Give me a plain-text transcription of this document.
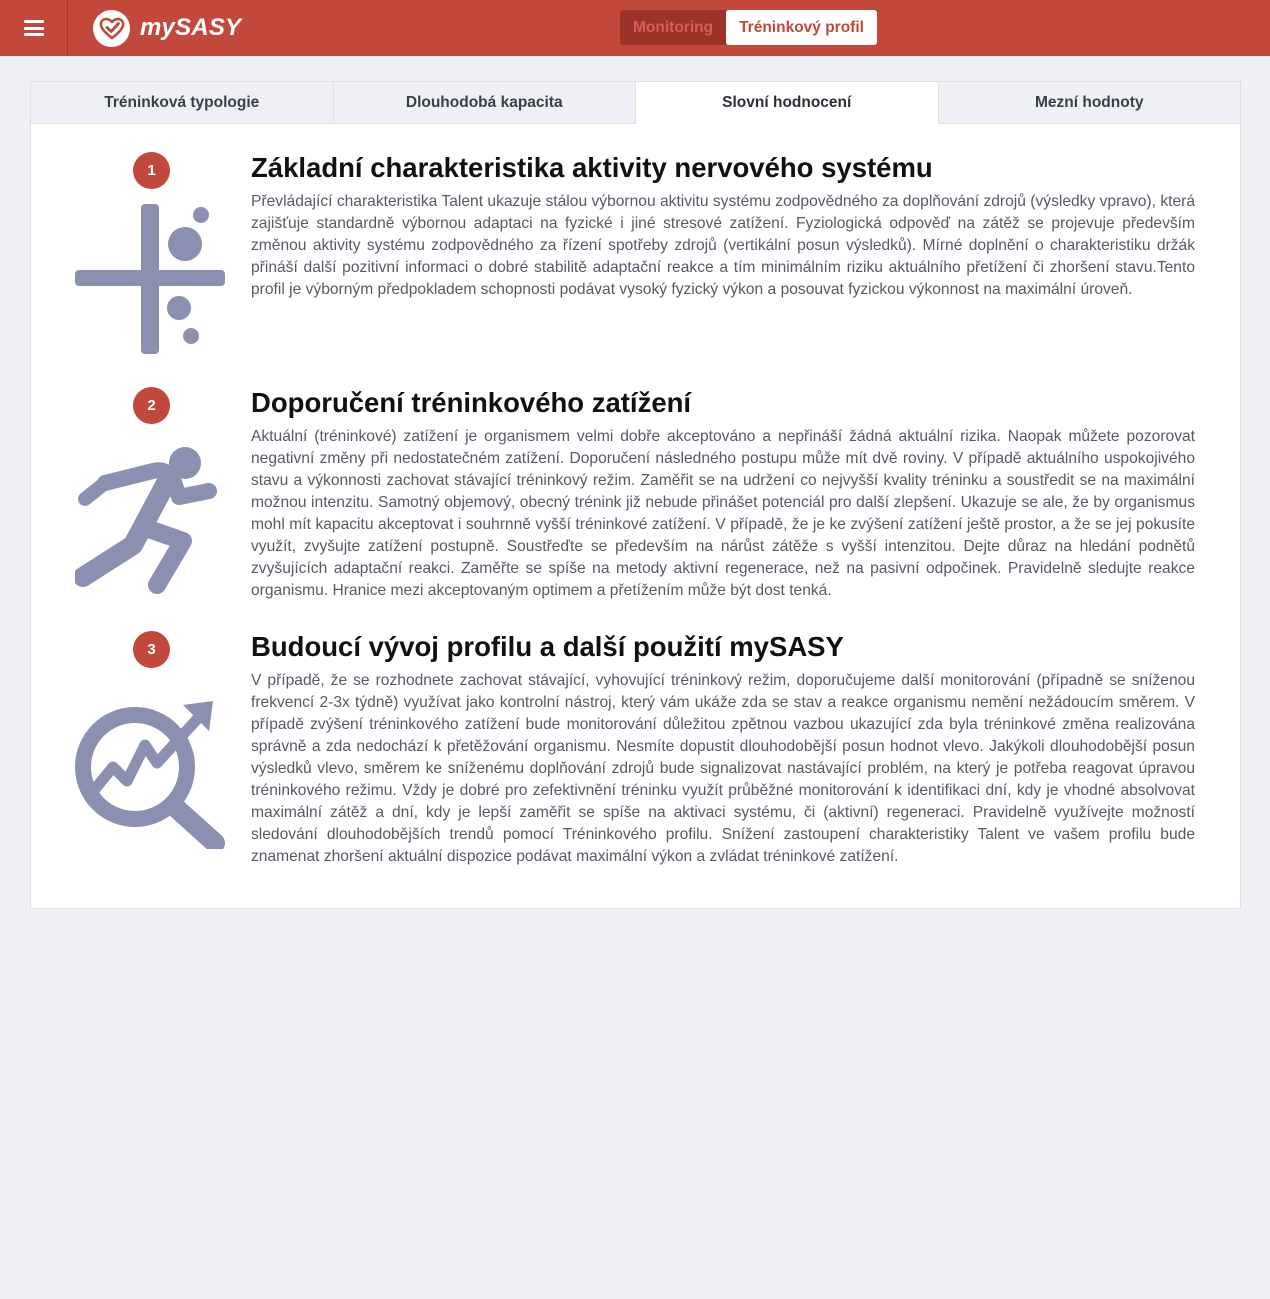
mySASY	Monitoring	Tréninkový profil
Tréninková typologie	Dlouhodobá kapacita	Slovní hodnocení	Mezní hodnoty
1	Základní charakteristika aktivity nervového systému
Převládající charakteristika Talent ukazuje stálou výbornou aktivitu systému zodpovědného za doplňování zdrojů (výsledky vpravo), která zajišťuje standardně výbornou adaptaci na fyzické i jiné stresové zatížení. Fyziologická odpověď na zátěž se projevuje především změnou aktivity systému zodpovědného za řízení spotřeby zdrojů (vertikální posun výsledků). Mírné doplnění o charakteristiku držák přináší další pozitivní informaci o dobré stabilitě adaptační reakce a tím minimálním riziku aktuálního přetížení či zhoršení stavu.Tento profil je výborným předpokladem schopnosti podávat vysoký fyzický výkon a posouvat fyzickou výkonnost na maximální úroveň.
2	Doporučení tréninkového zatížení
Aktuální (tréninkové) zatížení je organismem velmi dobře akceptováno a nepřináší žádná aktuální rizika. Naopak můžete pozorovat negativní změny při nedostatečném zatížení. Doporučení následného postupu může mít dvě roviny. V případě aktuálního uspokojivého stavu a výkonnosti zachovat stávající tréninkový režim. Zaměřit se na udržení co nejvyšší kvality tréninku a soustředit se na maximální možnou intenzitu. Samotný objemový, obecný trénink již nebude přinášet potenciál pro další zlepšení. Ukazuje se ale, že by organismus mohl mít kapacitu akceptovat i souhrnně vyšší tréninkové zatížení. V případě, že je ke zvýšení zatížení ještě prostor, a že se jej pokusíte využít, zvyšujte zatížení postupně. Soustřeďte se především na nárůst zátěže s vyšší intenzitou. Dejte důraz na hledání podnětů zvyšujících adaptační reakci. Zaměřte se spíše na metody aktivní regenerace, než na pasivní odpočinek. Pravidelně sledujte reakce organismu. Hranice mezi akceptovaným optimem a přetížením může být dost tenká.
3	Budoucí vývoj profilu a další použití mySASY
V případě, že se rozhodnete zachovat stávající, vyhovující tréninkový režim, doporučujeme další monitorování (případně se sníženou frekvencí 2-3x týdně) využívat jako kontrolní nástroj, který vám ukáže zda se stav a reakce organismu nemění nežádoucím směrem. V případě zvýšení tréninkového zatížení bude monitorování důležitou zpětnou vazbou ukazující zda byla tréninkové změna realizována správně a zda nedochází k přetěžování organismu. Nesmíte dopustit dlouhodobější posun hodnot vlevo. Jakýkoli dlouhodobější posun výsledků vlevo, směrem ke sníženému doplňování zdrojů bude signalizovat nastávající problém, na který je potřeba reagovat úpravou tréninkového režimu. Vždy je dobré pro zefektivnění tréninku využít průběžné monitorování k identifikaci dní, kdy je vhodné absolvovat maximální zátěž a dní, kdy je lepší zaměřit se spíše na aktivaci systému, či (aktivní) regeneraci. Pravidelně využívejte možností sledování dlouhodobějších trendů pomocí Tréninkového profilu. Snížení zastoupení charakteristiky Talent ve vašem profilu bude znamenat zhoršení aktuální dispozice podávat maximální výkon a zvládat tréninkové zatížení.
